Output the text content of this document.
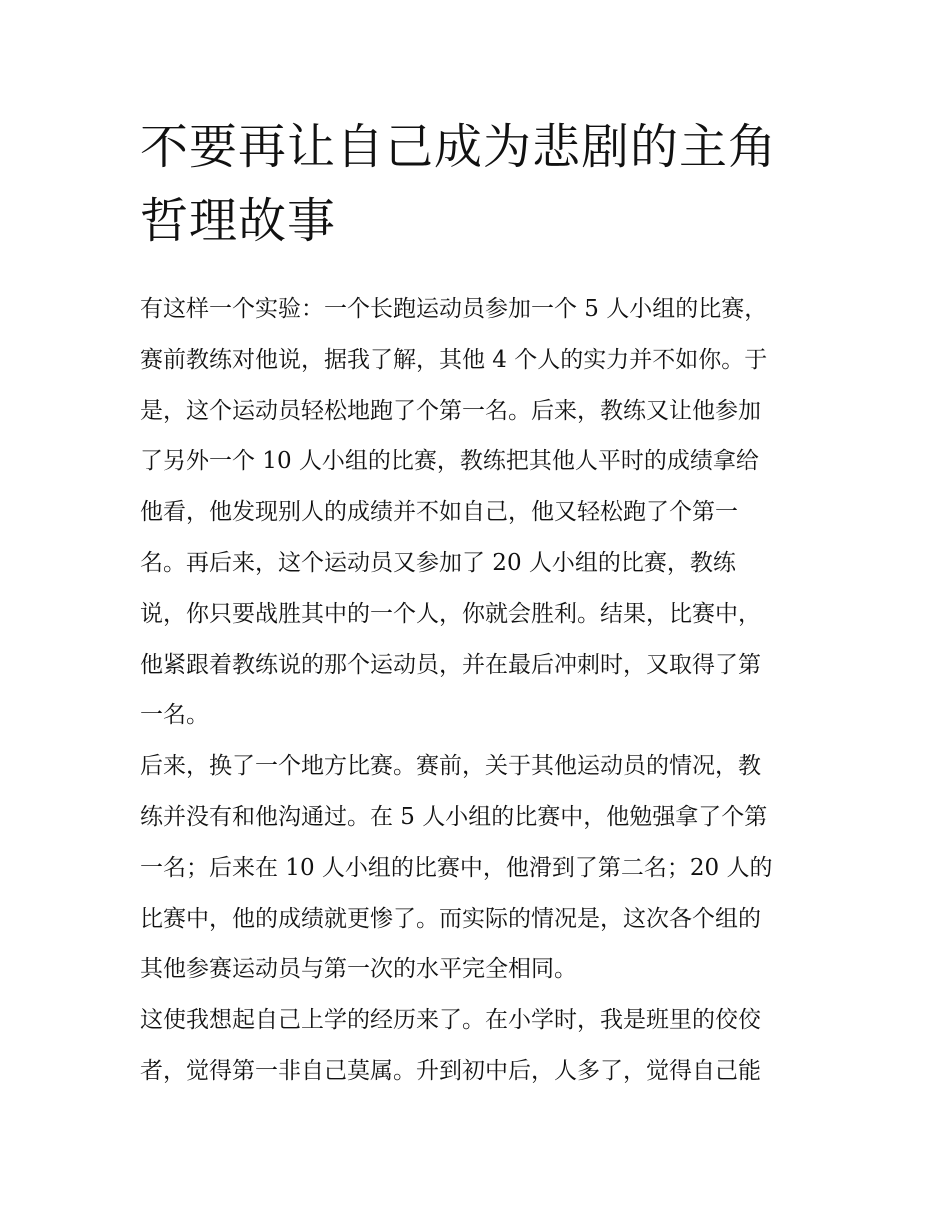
不要再让自己成为悲剧的主角
哲理故事
有这样一个实验：一个长跑运动员参加一个 5 人小组的比赛，
赛前教练对他说，据我了解，其他 4 个人的实力并不如你。于
是，这个运动员轻松地跑了个第一名。后来，教练又让他参加
了另外一个 10 人小组的比赛，教练把其他人平时的成绩拿给
他看，他发现别人的成绩并不如自己，他又轻松跑了个第一
名。再后来，这个运动员又参加了 20 人小组的比赛，教练
说，你只要战胜其中的一个人，你就会胜利。结果，比赛中，
他紧跟着教练说的那个运动员，并在最后冲刺时，又取得了第
一名。
后来，换了一个地方比赛。赛前，关于其他运动员的情况，教
练并没有和他沟通过。在 5 人小组的比赛中，他勉强拿了个第
一名；后来在 10 人小组的比赛中，他滑到了第二名；20 人的
比赛中，他的成绩就更惨了。而实际的情况是，这次各个组的
其他参赛运动员与第一次的水平完全相同。
这使我想起自己上学的经历来了。在小学时，我是班里的佼佼
者，觉得第一非自己莫属。升到初中后，人多了，觉得自己能
